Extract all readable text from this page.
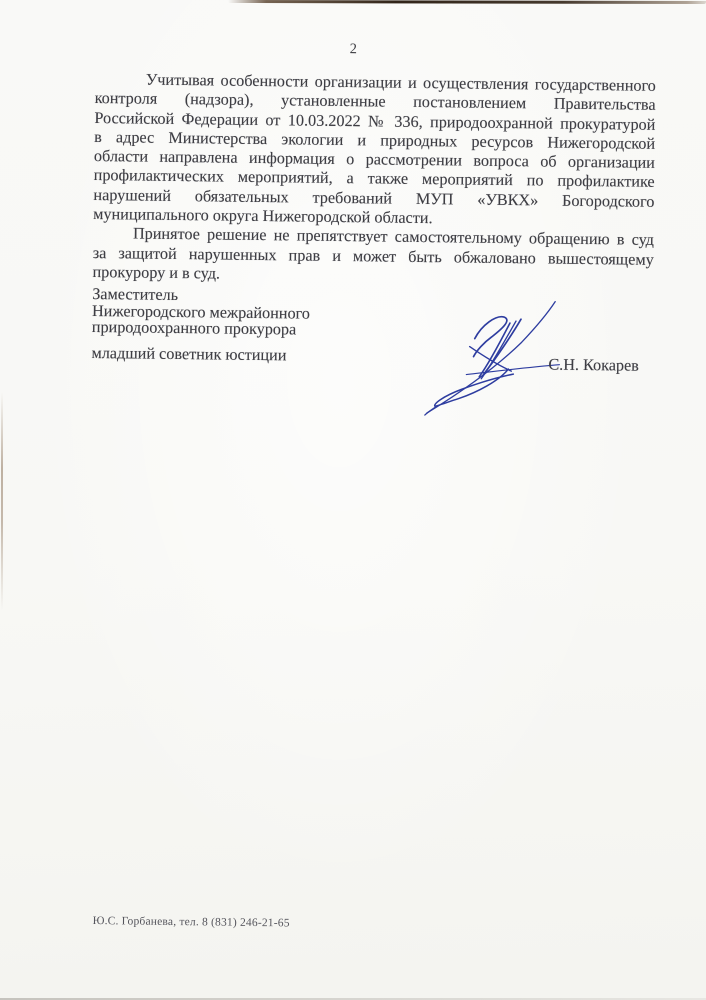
2
Учитывая особенности организации и осуществления государственного
контроля (надзора), установленные постановлением Правительства
Российской Федерации от 10.03.2022 № 336, природоохранной прокуратурой
в адрес Министерства экологии и природных ресурсов Нижегородской
области направлена информация о рассмотрении вопроса об организации
профилактических мероприятий, а также мероприятий по профилактике
нарушений обязательных требований МУП «УВКХ» Богородского
муниципального округа Нижегородской области.
Принятое решение не препятствует самостоятельному обращению в суд
за защитой нарушенных прав и может быть обжаловано вышестоящему
прокурору и в суд.
Заместитель
Нижегородского межрайонного
природоохранного прокурора
младший советник юстиции
С.Н. Кокарев
Ю.С. Горбанева, тел. 8 (831) 246-21-65
